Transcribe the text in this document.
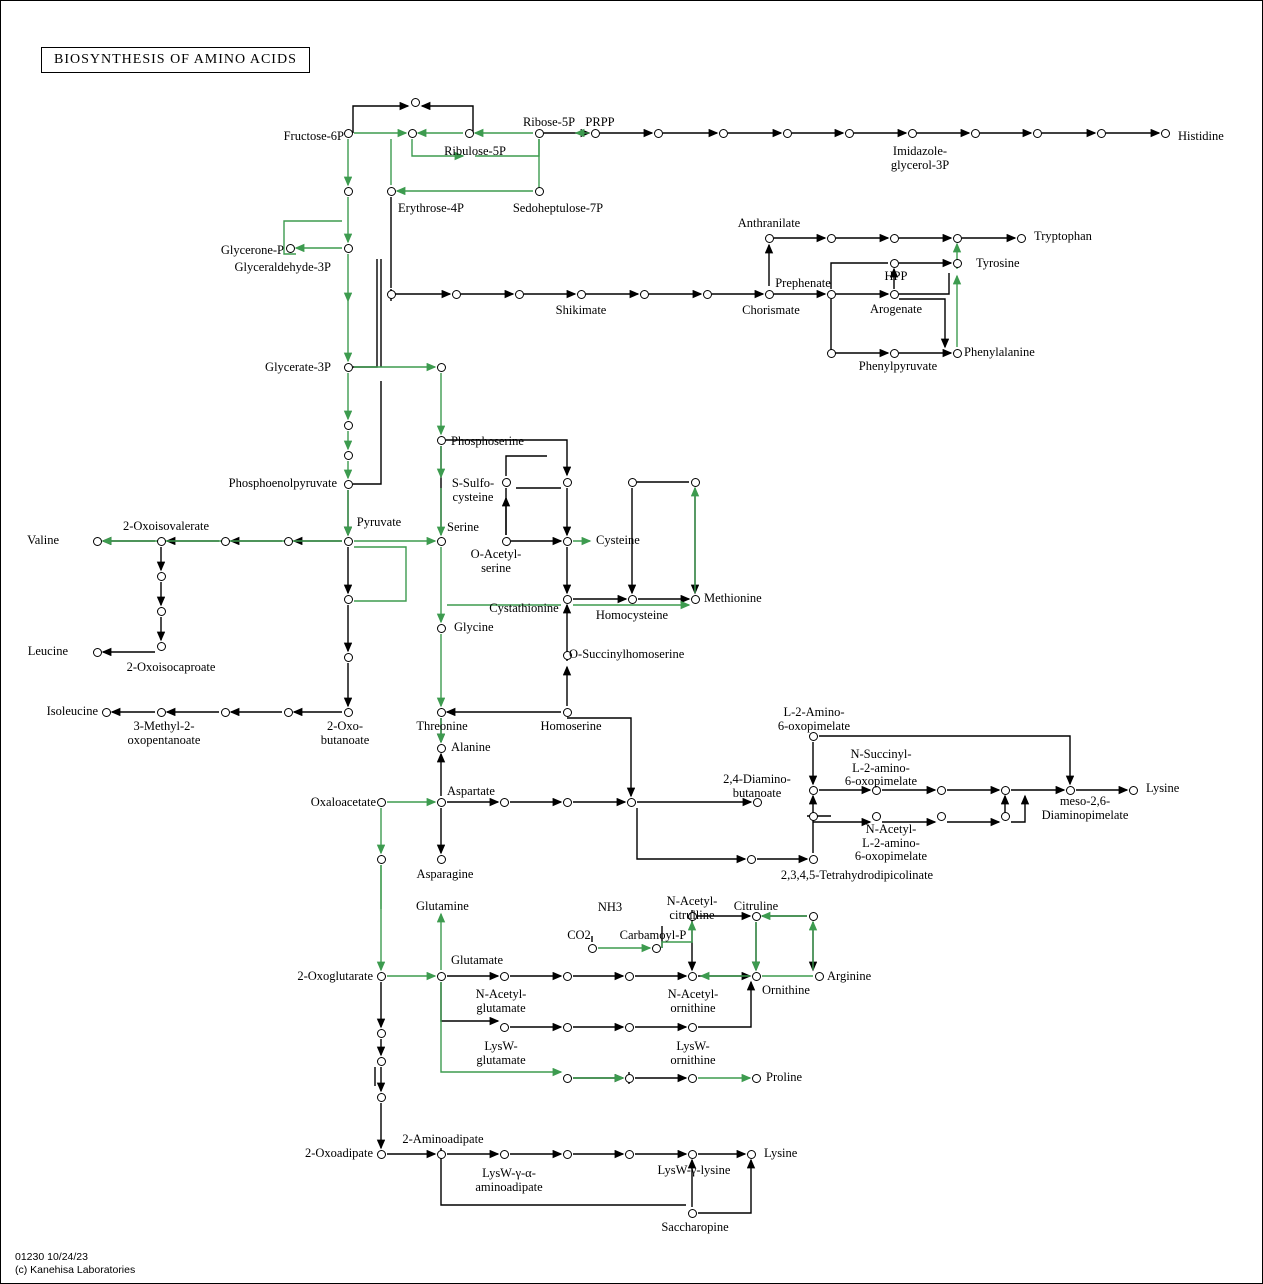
BIOSYNTHESIS OF AMINO ACIDS
Fructose-6P
Ribulose-5P
Ribose-5P PRPP
Histidine
Imidazole-
glycerol-3P
Erythrose-4P	Sedoheptulose-7P
Anthranilate
Tryptophan
Glycerone-P
Glyceraldehyde-3P
HPP
Tyrosine
Prephenate
Arogenate
Shikimate	Chorismate
Phenylalanine
Phenylpyruvate
Glycerate-3P
Phosphoserine
S-Sulfo-
cysteine
Phosphoenolpyruvate
2-Oxoisovalerate	Pyruvate
Valine
Serine
Cysteine
O-Acetyl-
serine
Methionine
Cystathionine	Homocysteine
Glycine
Leucine
2-Oxoisocaproate
O-Succinylhomoserine
Isoleucine	L-2-Amino-
6-oxopimelate
Threonine	Homoserine
3-Methyl-2-
oxopentanoate
2-Oxo-
butanoate
N-Succinyl-
L-2-amino-
6-oxopimelate
Alanine
2,4-Diamino-
butanoate	Lysine
Aspartate
Oxaloacetate	meso-2,6-
Diaminopimelate
N-Acetyl-
L-2-amino-
6-oxopimelate
2,3,4,5-Tetrahydrodipicolinate
Asparagine
NH3	N-Acetyl-
citrulline
Citruline
Glutamine
CO2 Carbamoyl-P
Glutamate
2-Oxoglutarate	Arginine
Ornithine
N-Acetyl-
glutamate
N-Acetyl-
ornithine
LysW-
glutamate
LysW-
ornithine
Proline
2-Aminoadipate
2-Oxoadipate	Lysine
LysW-γ-α-
aminoadipate
LysW-γ-lysine
Saccharopine
01230 10/24/23
(c) Kanehisa Laboratories
